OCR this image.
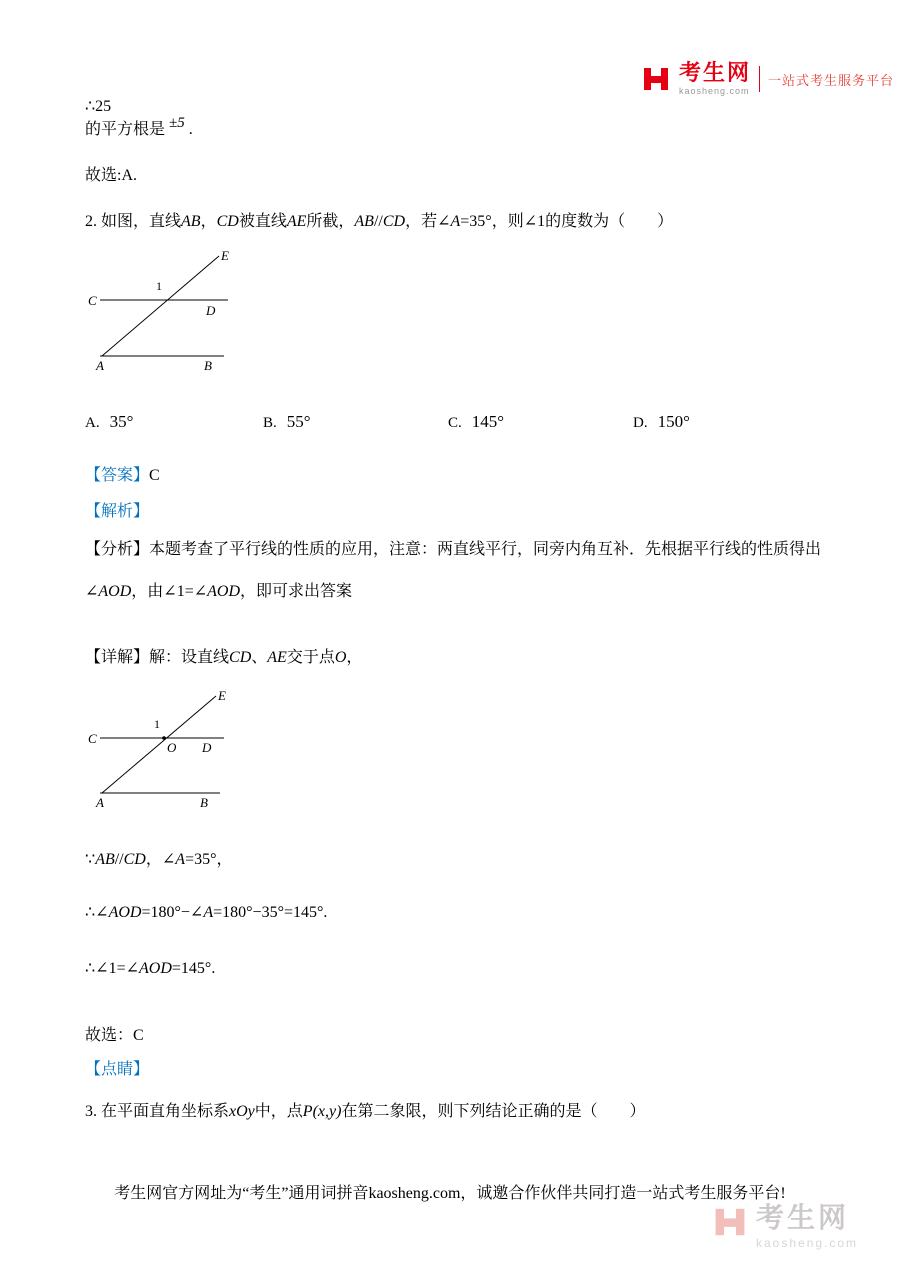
考生网
kaosheng.com
一站式考生服务平台
∴25
的平方根是 ±5 .
故选:A.
2. 如图，直线AB，CD被直线AE所截，AB//CD，若∠A=35°，则∠1的度数为（　　）
E
C
D
1
A	B
A. 35°	B. 55°	C. 145°	D. 150°
【答案】C
【解析】
【分析】本题考查了平行线的性质的应用，注意：两直线平行，同旁内角互补．先根据平行线的性质得出
∠AOD，由∠1=∠AOD，即可求出答案
【详解】解：设直线CD、AE交于点O，
E
C
O D
1
A	B
∵AB//CD，∠A=35°，
∴∠AOD=180°−∠A=180°−35°=145°.
∴∠1=∠AOD=145°.
故选：C
【点睛】
3. 在平面直角坐标系xOy中，点P(x,y)在第二象限，则下列结论正确的是（　　）
考生网官方网址为“考生”通用词拼音kaosheng.com，诚邀合作伙伴共同打造一站式考生服务平台!
考生网
kaosheng.com
